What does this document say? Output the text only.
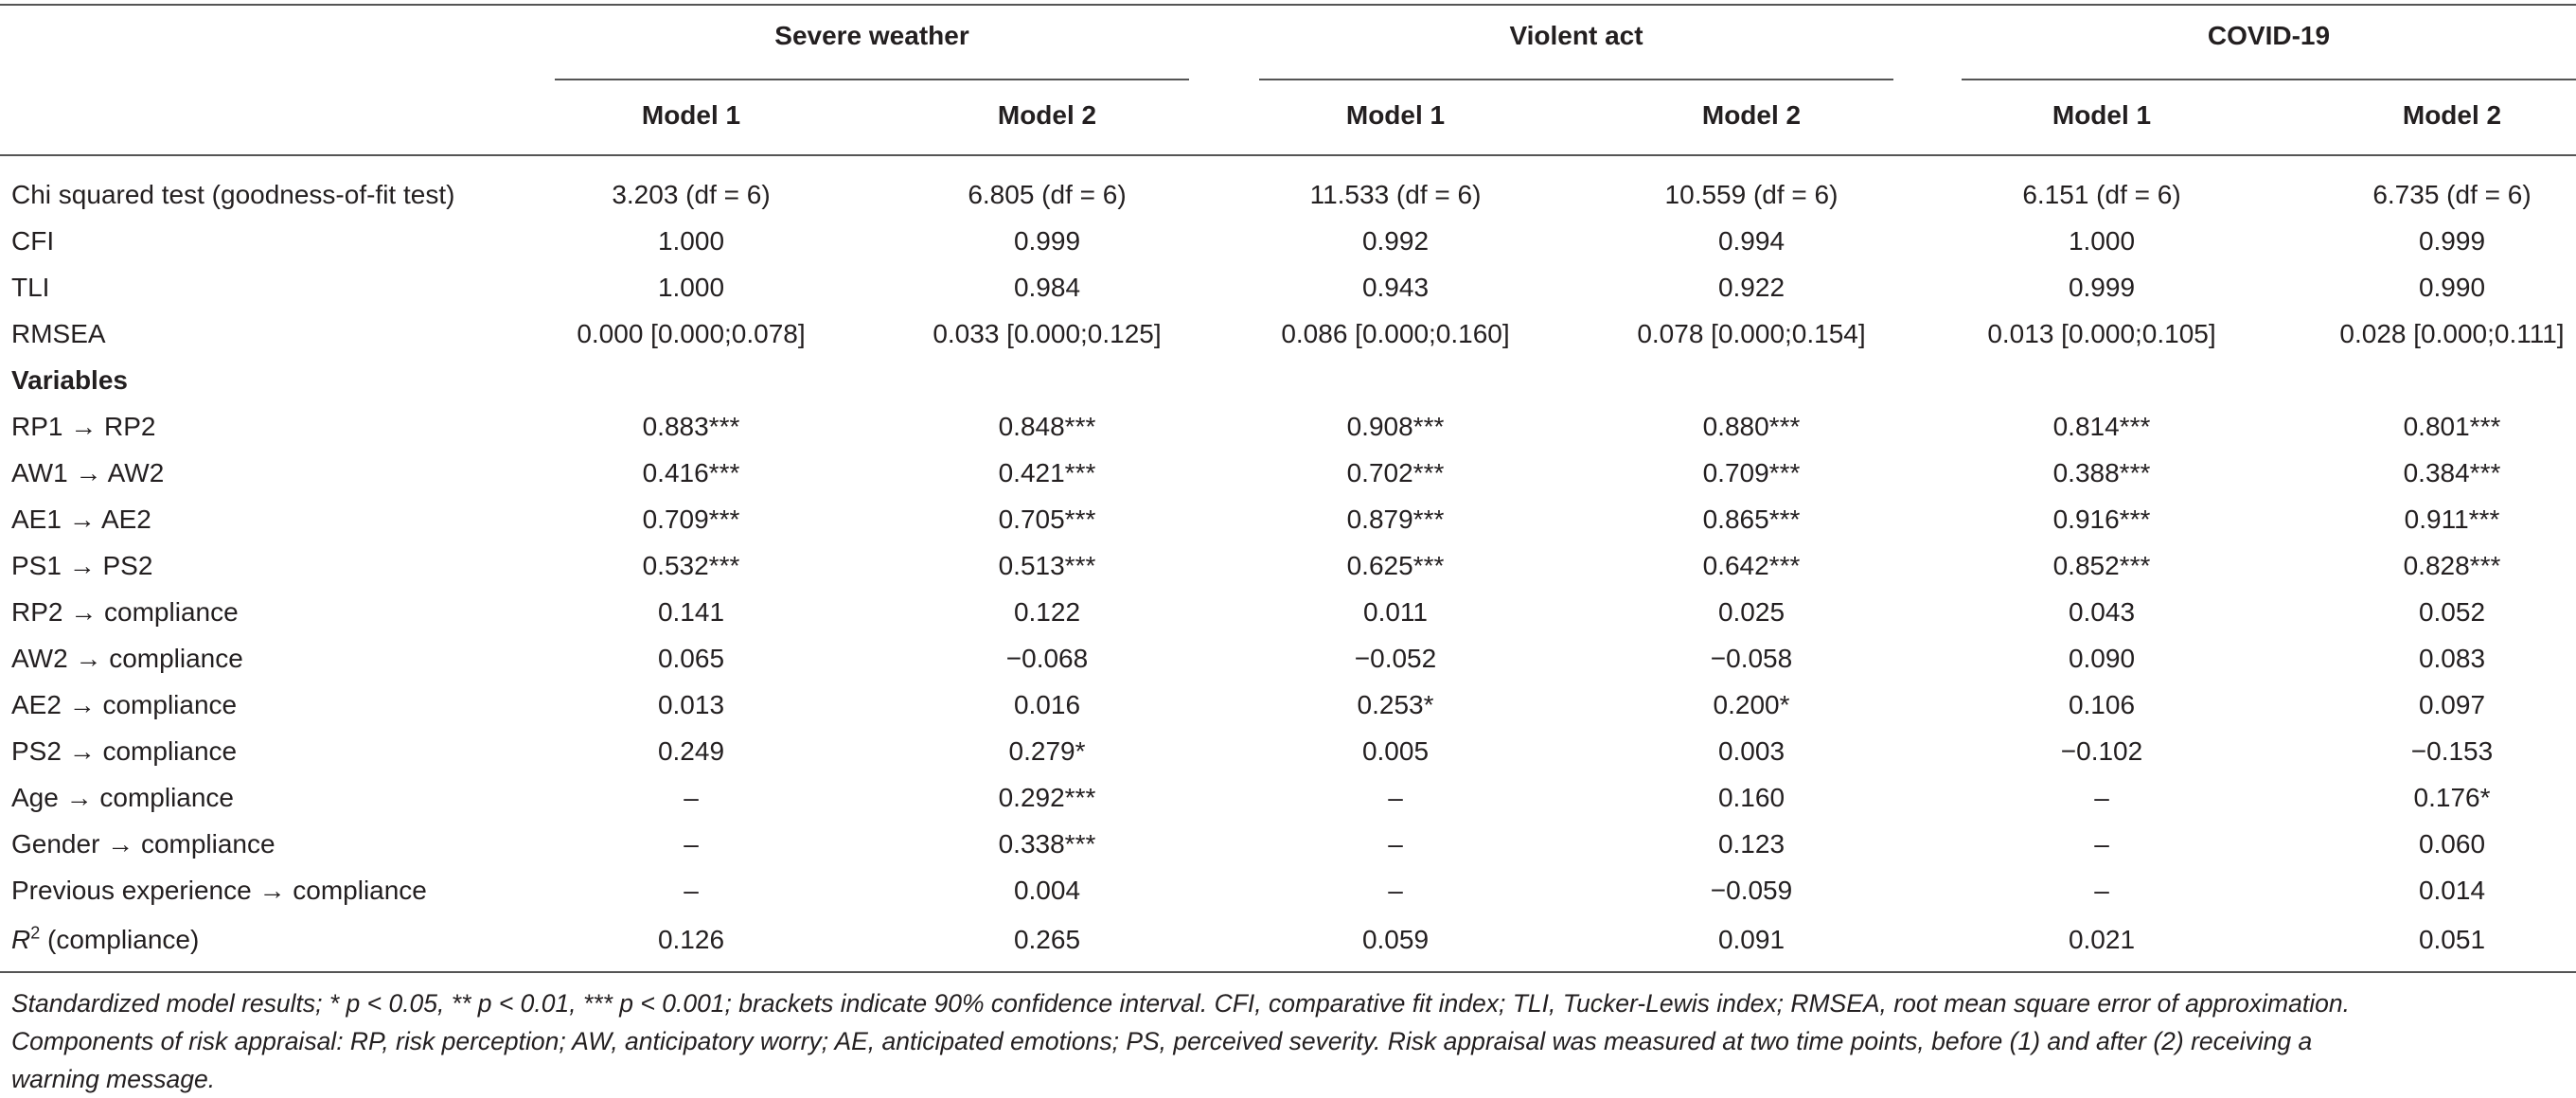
Severe weather	Violent act	COVID-19
Model 1	Model 2	Model 1	Model 2	Model 1	Model 2
Chi squared test (goodness-of-fit test)	3.203 (df = 6)	6.805 (df = 6)	11.533 (df = 6)	10.559 (df = 6)	6.151 (df = 6)	6.735 (df = 6)
CFI	1.000	0.999	0.992	0.994	1.000	0.999
TLI	1.000	0.984	0.943	0.922	0.999	0.990
RMSEA	0.000 [0.000;0.078]	0.033 [0.000;0.125]	0.086 [0.000;0.160]	0.078 [0.000;0.154]	0.013 [0.000;0.105]	0.028 [0.000;0.111]
Variables
RP1 → RP2	0.883***	0.848***	0.908***	0.880***	0.814***	0.801***
AW1 → AW2	0.416***	0.421***	0.702***	0.709***	0.388***	0.384***
AE1 → AE2	0.709***	0.705***	0.879***	0.865***	0.916***	0.911***
PS1 → PS2	0.532***	0.513***	0.625***	0.642***	0.852***	0.828***
RP2 → compliance	0.141	0.122	0.011	0.025	0.043	0.052
AW2 → compliance	0.065	−0.068	−0.052	−0.058	0.090	0.083
AE2 → compliance	0.013	0.016	0.253*	0.200*	0.106	0.097
PS2 → compliance	0.249	0.279*	0.005	0.003	−0.102	−0.153
Age → compliance	–	0.292***	–	0.160	–	0.176*
Gender → compliance	–	0.338***	–	0.123	–	0.060
Previous experience → compliance	–	0.004	–	−0.059	–	0.014
$R^2$ (compliance)	0.126	0.265	0.059	0.091	0.021	0.051

Standardized model results; * p < 0.05, ** p < 0.01, *** p < 0.001; brackets indicate 90% confidence interval. CFI, comparative fit index; TLI, Tucker-Lewis index; RMSEA, root mean square error of approximation.

Components of risk appraisal: RP, risk perception; AW, anticipatory worry; AE, anticipated emotions; PS, perceived severity. Risk appraisal was measured at two time points, before (1) and after (2) receiving a

warning message.
